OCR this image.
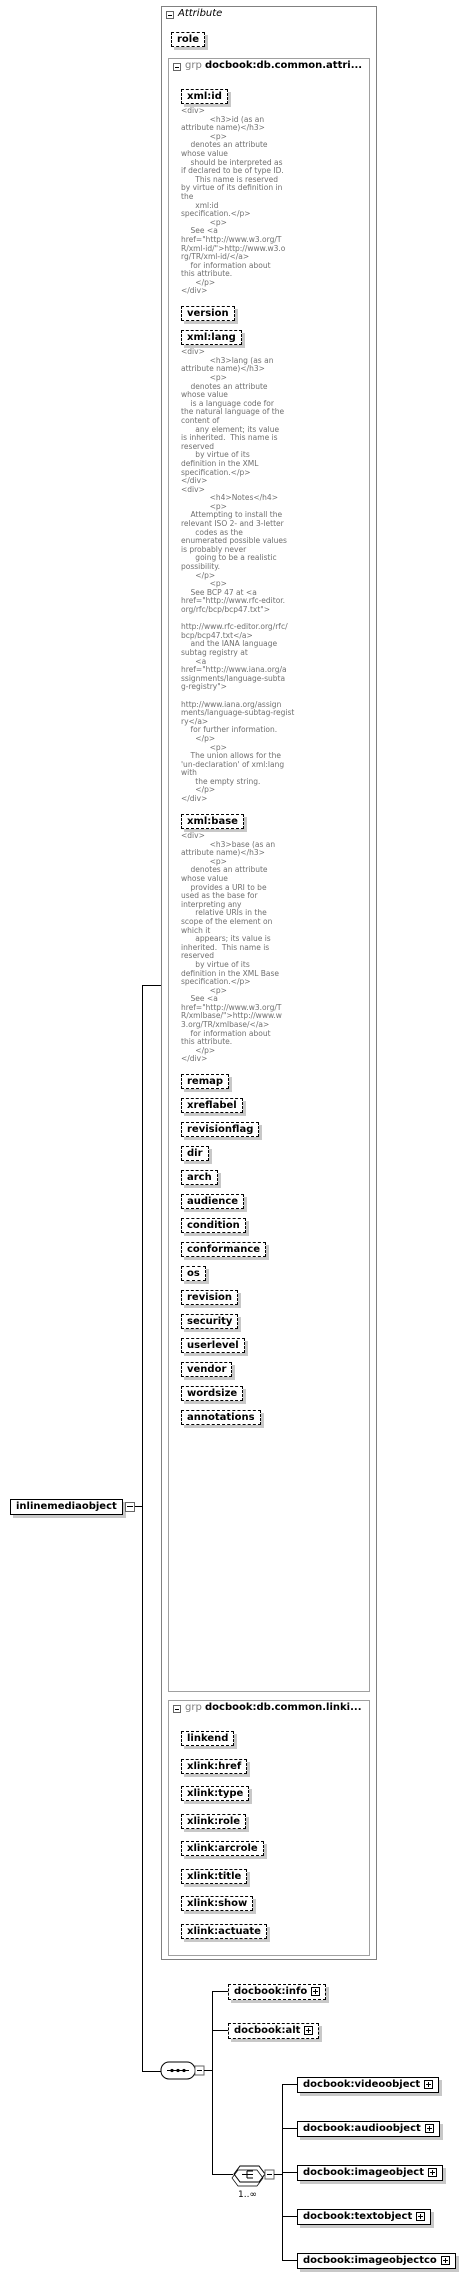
inlinemediaobject
Attribute
role
grp docbook:db.common.attri...
xml:id
<div>
<h3>id (as an
attribute name)</h3>
<p>
denotes an attribute
whose value
should be interpreted as
if declared to be of type ID.
This name is reserved
by virtue of its definition in
the
xml:id
specification.</p>
<p>
See <a
href="http://www.w3.org/T
R/xml-id/">http://www.w3.o
rg/TR/xml-id/</a>
for information about
this attribute.
</p>
</div>
version
xml:lang
<div>
<h3>lang (as an
attribute name)</h3>
<p>
denotes an attribute
whose value
is a language code for
the natural language of the
content of
any element; its value
is inherited.  This name is
reserved
by virtue of its
definition in the XML
specification.</p>
</div>
<div>
<h4>Notes</h4>
<p>
Attempting to install the
relevant ISO 2- and 3-letter
codes as the
enumerated possible values
is probably never
going to be a realistic
possibility.
</p>
<p>
See BCP 47 at <a
href="http://www.rfc-editor.
org/rfc/bcp/bcp47.txt">

http://www.rfc-editor.org/rfc/
bcp/bcp47.txt</a>
and the IANA language
subtag registry at
<a
href="http://www.iana.org/a
ssignments/language-subta
g-registry">

http://www.iana.org/assign
ments/language-subtag-regist
ry</a>
for further information.
</p>
<p>
The union allows for the
'un-declaration' of xml:lang
with
the empty string.
</p>
</div>
xml:base
<div>
<h3>base (as an
attribute name)</h3>
<p>
denotes an attribute
whose value
provides a URI to be
used as the base for
interpreting any
relative URIs in the
scope of the element on
which it
appears; its value is
inherited.  This name is
reserved
by virtue of its
definition in the XML Base
specification.</p>
<p>
See <a
href="http://www.w3.org/T
R/xmlbase/">http://www.w
3.org/TR/xmlbase/</a>
for information about
this attribute.
</p>
</div>
remap
xreflabel
revisionflag
dir
arch
audience
condition
conformance
os
revision
security
userlevel
vendor
wordsize
annotations
grp docbook:db.common.linki...
linkend
xlink:href
xlink:type
xlink:role
xlink:arcrole
xlink:title
xlink:show
xlink:actuate
1..∞
docbook:info
docbook:alt
docbook:videoobject
docbook:audioobject
docbook:imageobject
docbook:textobject
docbook:imageobjectco
